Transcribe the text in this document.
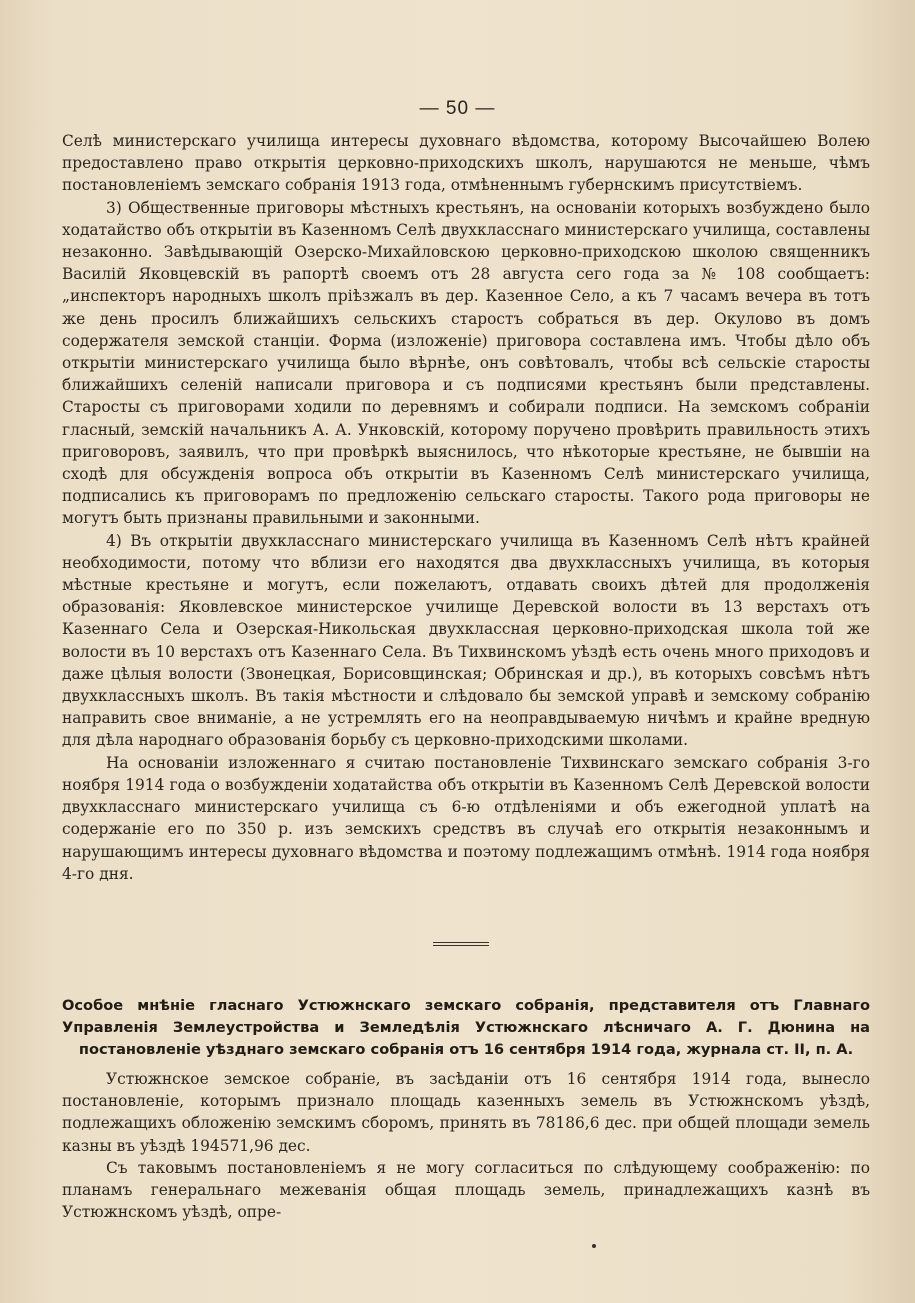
— 50 —

Селѣ министерскаго училища интересы духовнаго вѣдомства, которому Высочайшею Волею предоставлено право открытія церковно-приходскихъ школъ, нарушаются не меньше, чѣмъ постановленіемъ земскаго собранія 1913 года, отмѣненнымъ губернскимъ присутствіемъ.

3) Общественные приговоры мѣстныхъ крестьянъ, на основаніи которыхъ возбуждено было ходатайство объ открытіи въ Казенномъ Селѣ двухкласснаго министерскаго училища, составлены незаконно. Завѣдывающій Озерско-Михайловскою церковно-приходскою школою священникъ Василій Яковцевскій въ рапортѣ своемъ отъ 28 августа сего года за № 108 сообщаетъ: „инспекторъ народныхъ школъ пріѣзжалъ въ дер. Казенное Село, а къ 7 часамъ вечера въ тотъ же день просилъ ближайшихъ сельскихъ старостъ собраться въ дер. Окулово въ домъ содержателя земской станціи. Форма (изложеніе) приговора составлена имъ. Чтобы дѣло объ открытіи министерскаго училища было вѣрнѣе, онъ совѣтовалъ, чтобы всѣ сельскіе старосты ближайшихъ селеній написали приговора и съ подписями крестьянъ были представлены. Старосты съ приговорами ходили по деревнямъ и собирали подписи. На земскомъ собраніи гласный, земскій начальникъ А. А. Унковскій, которому поручено провѣрить правильность этихъ приговоровъ, заявилъ, что при провѣркѣ выяснилось, что нѣкоторые крестьяне, не бывшіи на сходѣ для обсужденія вопроса объ открытіи въ Казенномъ Селѣ министерскаго училища, подписались къ приговорамъ по предложенію сельскаго старосты. Такого рода приговоры не могутъ быть признаны правильными и законными.

4) Въ открытіи двухкласснаго министерскаго училища въ Казенномъ Селѣ нѣтъ крайней необходимости, потому что вблизи его находятся два двухклассныхъ училища, въ которыя мѣстные крестьяне и могутъ, если пожелаютъ, отдавать своихъ дѣтей для продолженія образованія: Яковлевское министерское училище Деревской волости въ 13 верстахъ отъ Казеннаго Села и Озерская-Никольская двухклассная церковно-приходская школа той же волости въ 10 верстахъ отъ Казеннаго Села. Въ Тихвинскомъ уѣздѣ есть очень много приходовъ и даже цѣлыя волости (Звонецкая, Борисовщинская; Обринская и др.), въ которыхъ совсѣмъ нѣтъ двухклассныхъ школъ. Въ такія мѣстности и слѣдовало бы земской управѣ и земскому собранію направить свое вниманіе, а не устремлять его на неоправдываемую ничѣмъ и крайне вредную для дѣла народнаго образованія борьбу съ церковно-приходскими школами.

На основаніи изложеннаго я считаю постановленіе Тихвинскаго земскаго собранія 3-го ноября 1914 года о возбужденіи ходатайства объ открытіи въ Казенномъ Селѣ Деревской волости двухкласснаго министерскаго училища съ 6-ю отдѣленіями и объ ежегодной уплатѣ на содержаніе его по 350 р. изъ земскихъ средствъ въ случаѣ его открытія незаконнымъ и нарушающимъ интересы духовнаго вѣдомства и поэтому подлежащимъ отмѣнѣ. 1914 года ноября 4-го дня.

Особое мнѣніе гласнаго Устюжнскаго земскаго собранія, представителя отъ Главнаго Управленія Землеустройства и Земледѣлія Устюжнскаго лѣсничаго А. Г. Дюнина на постановленіе уѣзднаго земскаго собранія отъ 16 сентября 1914 года, журнала ст. II, п. А.

Устюжнское земское собраніе, въ засѣданіи отъ 16 сентября 1914 года, вынесло постановленіе, которымъ признало площадь казенныхъ земель въ Устюжнскомъ уѣздѣ, подлежащихъ обложенію земскимъ сборомъ, принять въ 78186,6 дес. при общей площади земель казны въ уѣздѣ 194571,96 дес.

Съ таковымъ постановленіемъ я не могу согласиться по слѣдующему соображенію: по планамъ генеральнаго межеванія общая площадь земель, принадлежащихъ казнѣ въ Устюжнскомъ уѣздѣ, опре-
